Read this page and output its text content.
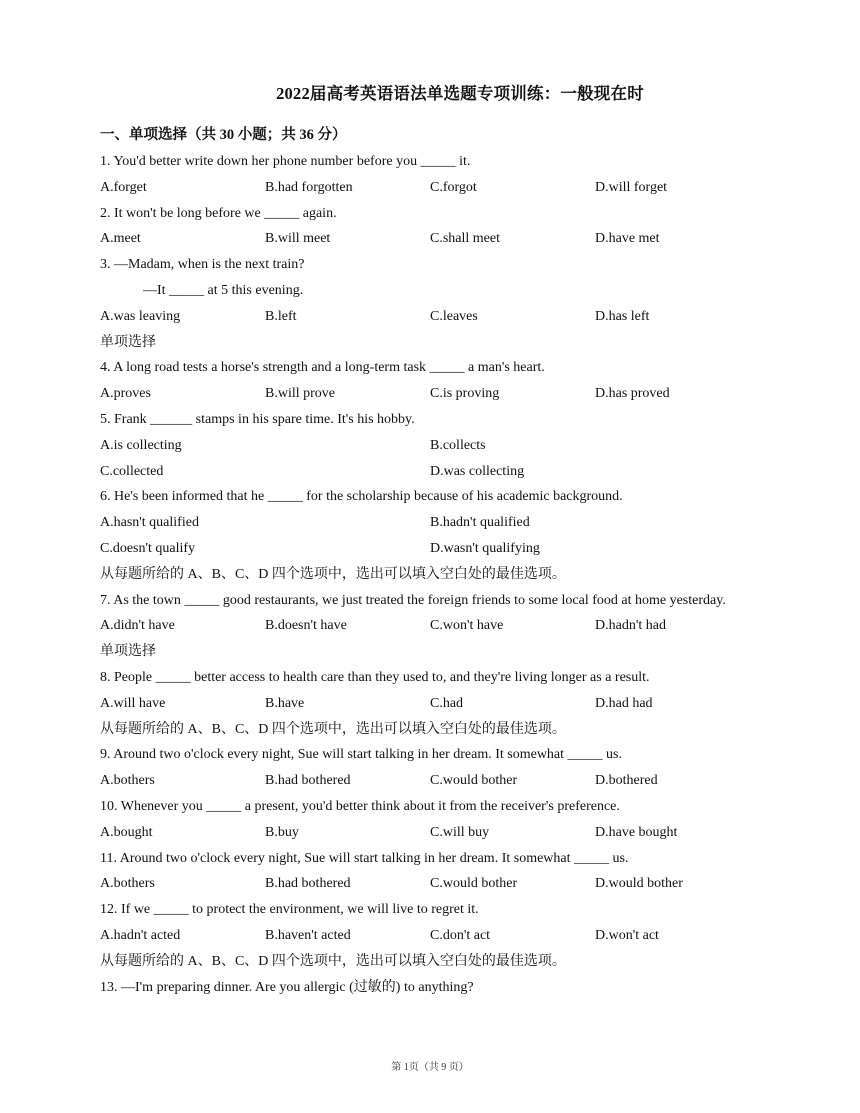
2022届高考英语语法单选题专项训练：一般现在时
一、单项选择（共 30 小题；共 36 分）
1. You'd better write down her phone number before you _____ it.
A.forget	B.had forgotten	C.forgot	D.will forget
2. It won't be long before we _____ again.
A.meet	B.will meet	C.shall meet	D.have met
3. —Madam, when is the next train?
—It _____ at 5 this evening.
A.was leaving	B.left	C.leaves	D.has left
单项选择
4. A long road tests a horse's strength and a long-term task _____ a man's heart.
A.proves	B.will prove	C.is proving	D.has proved
5. Frank ______ stamps in his spare time. It's his hobby.
A.is collecting	B.collects
C.collected	D.was collecting
6. He's been informed that he _____ for the scholarship because of his academic background.
A.hasn't qualified	B.hadn't qualified
C.doesn't qualify	D.wasn't qualifying
从每题所给的 A、B、C、D 四个选项中，选出可以填入空白处的最佳选项。
7. As the town _____ good restaurants, we just treated the foreign friends to some local food at home yesterday.
A.didn't have	B.doesn't have	C.won't have	D.hadn't had
单项选择
8. People _____ better access to health care than they used to, and they're living longer as a result.
A.will have	B.have	C.had	D.had had
从每题所给的 A、B、C、D 四个选项中，选出可以填入空白处的最佳选项。
9. Around two o'clock every night, Sue will start talking in her dream. It somewhat _____ us.
A.bothers	B.had bothered	C.would bother	D.bothered
10. Whenever you _____ a present, you'd better think about it from the receiver's preference.
A.bought	B.buy	C.will buy	D.have bought
11. Around two o'clock every night, Sue will start talking in her dream. It somewhat _____ us.
A.bothers	B.had bothered	C.would bother	D.would bother
12. If we _____ to protect the environment, we will live to regret it.
A.hadn't acted	B.haven't acted	C.don't act	D.won't act
从每题所给的 A、B、C、D 四个选项中，选出可以填入空白处的最佳选项。
13. —I'm preparing dinner. Are you allergic (过敏的) to anything?
第 1页（共 9 页）
